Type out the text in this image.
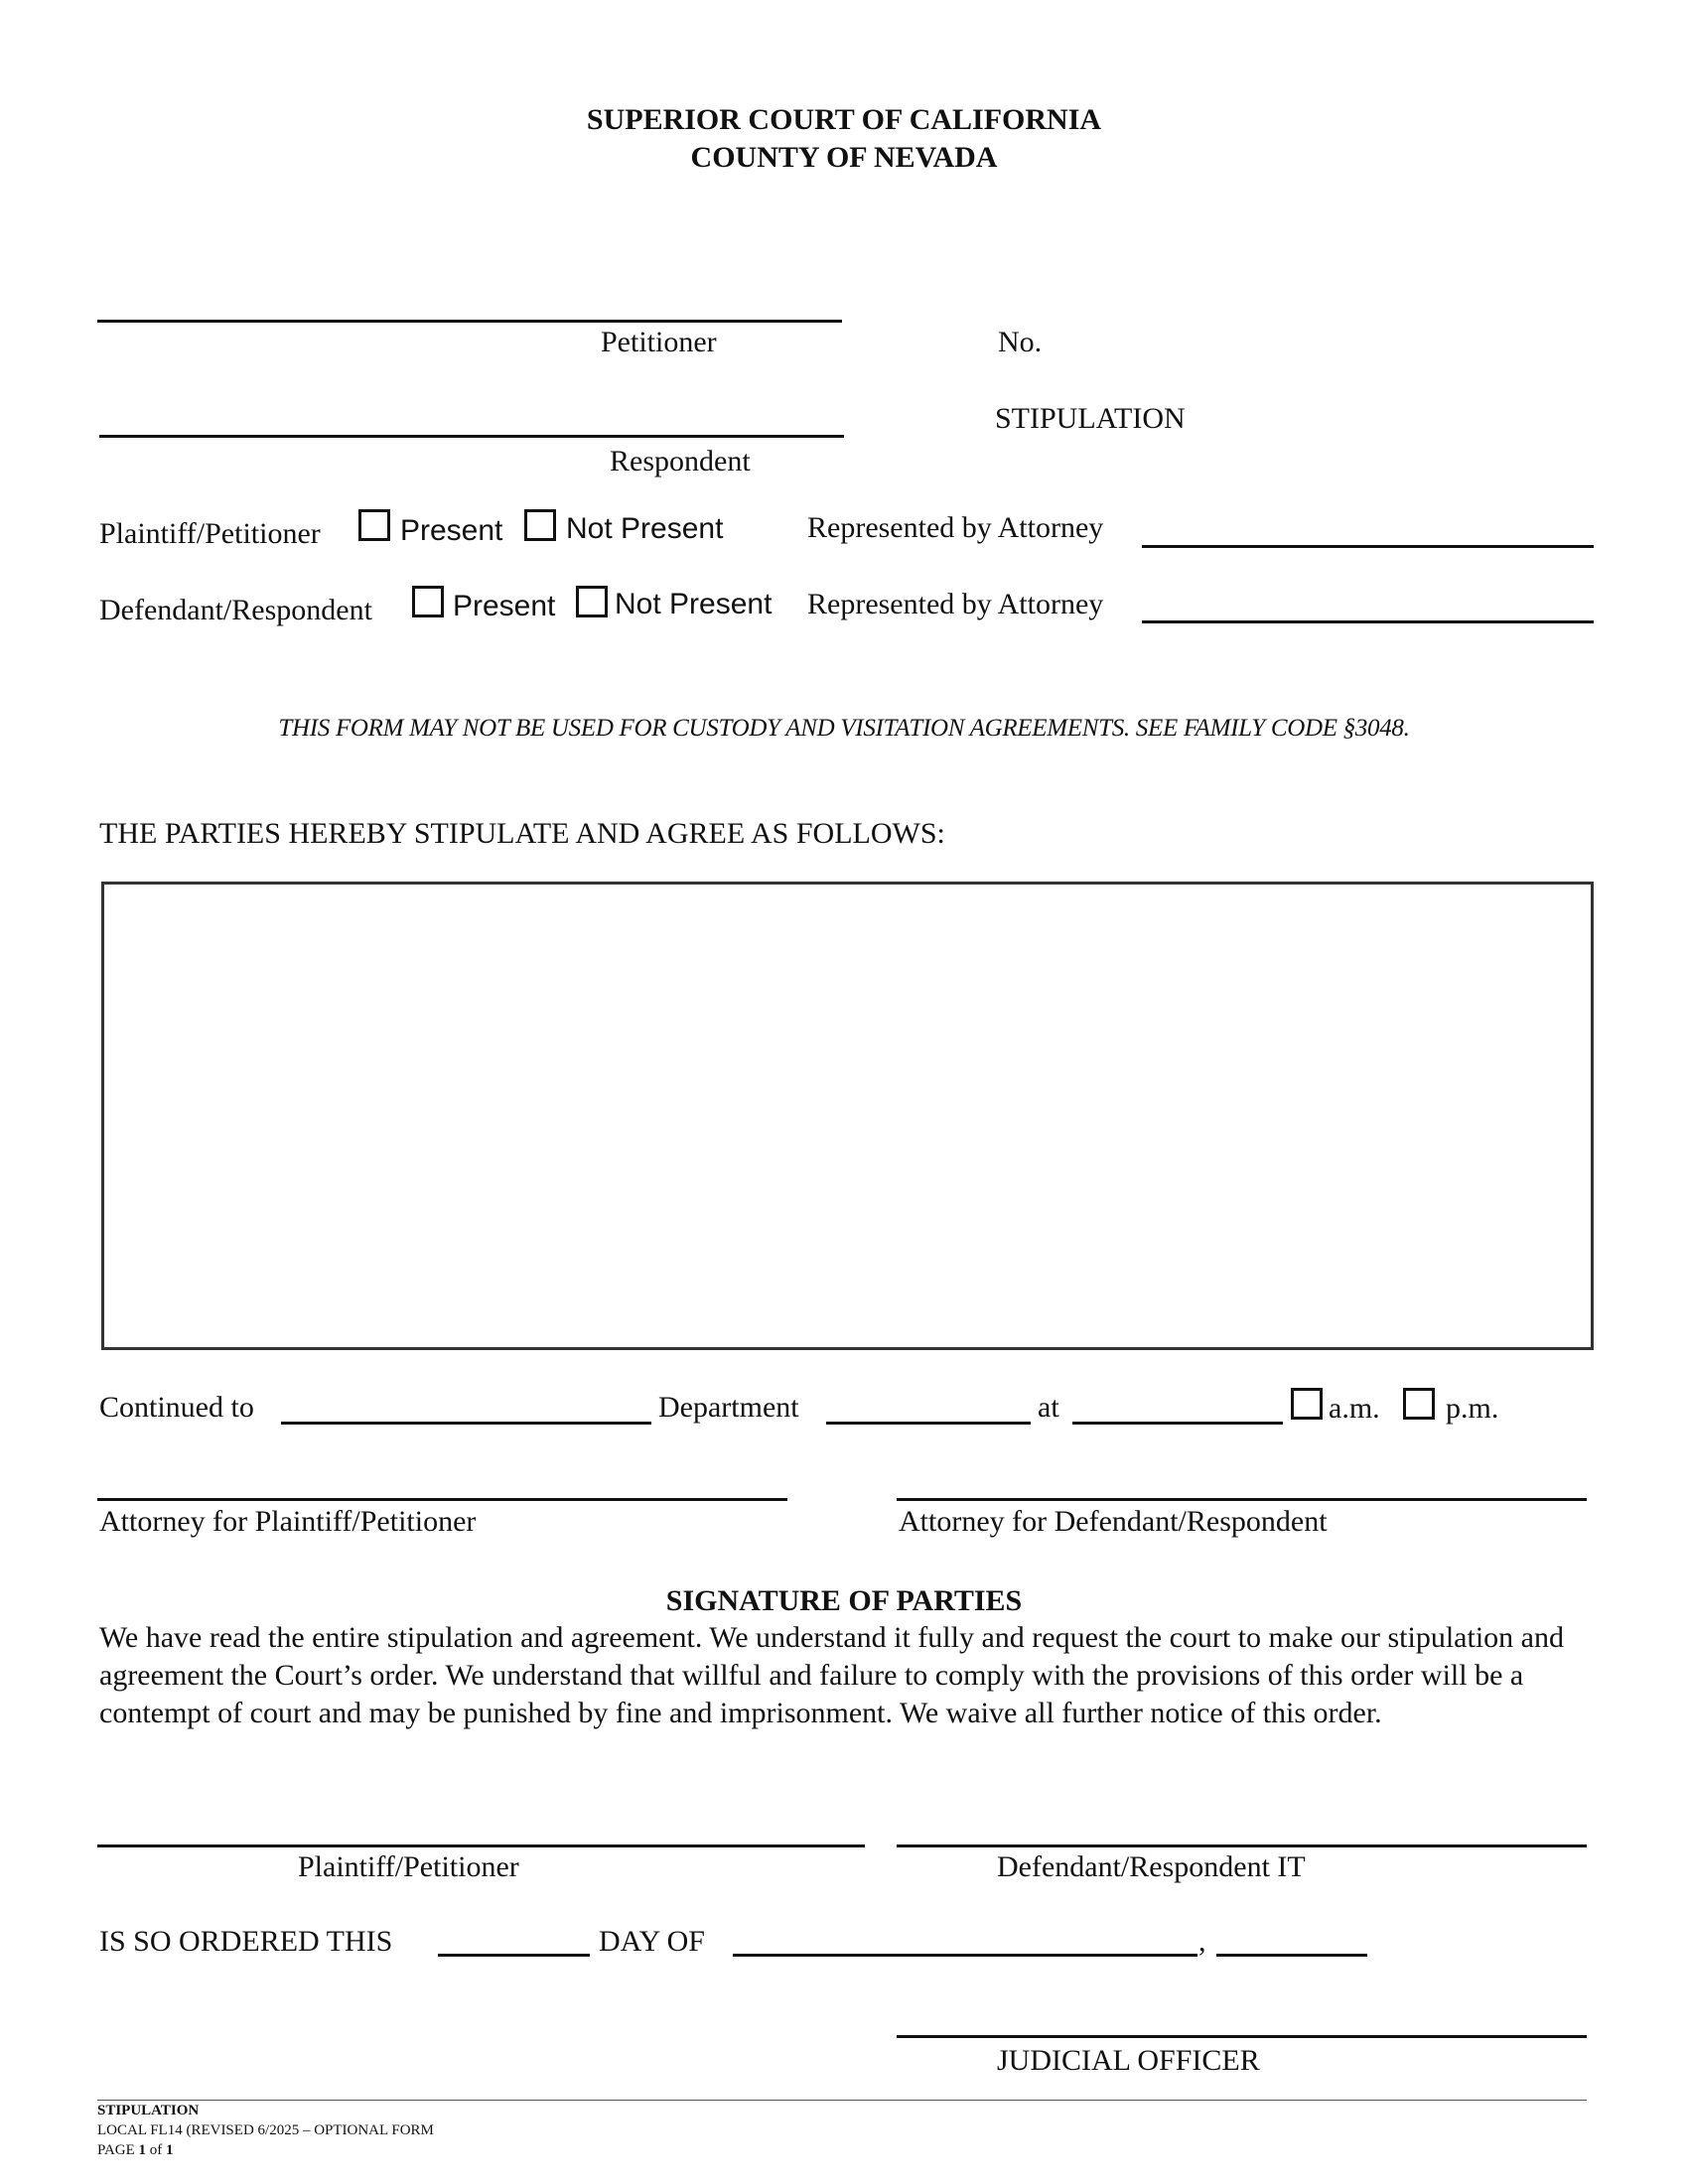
SUPERIOR COURT OF CALIFORNIA
COUNTY OF NEVADA
Petitioner	No.
Respondent
STIPULATION
Plaintiff/Petitioner	Present Not Present	Represented by Attorney
Defendant/Respondent	Present Not Present Represented by Attorney
THIS FORM MAY NOT BE USED FOR CUSTODY AND VISITATION AGREEMENTS. SEE FAMILY CODE §3048.
THE PARTIES HEREBY STIPULATE AND AGREE AS FOLLOWS:
Continued to	Department	at	a.m. p.m.
Attorney for Plaintiff/Petitioner	Attorney for Defendant/Respondent
SIGNATURE OF PARTIES
We have read the entire stipulation and agreement. We understand it fully and request the court to make our stipulation and agreement the Court’s order. We understand that willful and failure to comply with the provisions of this order will be a contempt of court and may be punished by fine and imprisonment. We waive all further notice of this order.
Plaintiff/Petitioner	Defendant/Respondent IT
IS SO ORDERED THIS	DAY OF	,
JUDICIAL OFFICER
STIPULATION
LOCAL FL14 (REVISED 6/2025 – OPTIONAL FORM
PAGE 1 of 1
